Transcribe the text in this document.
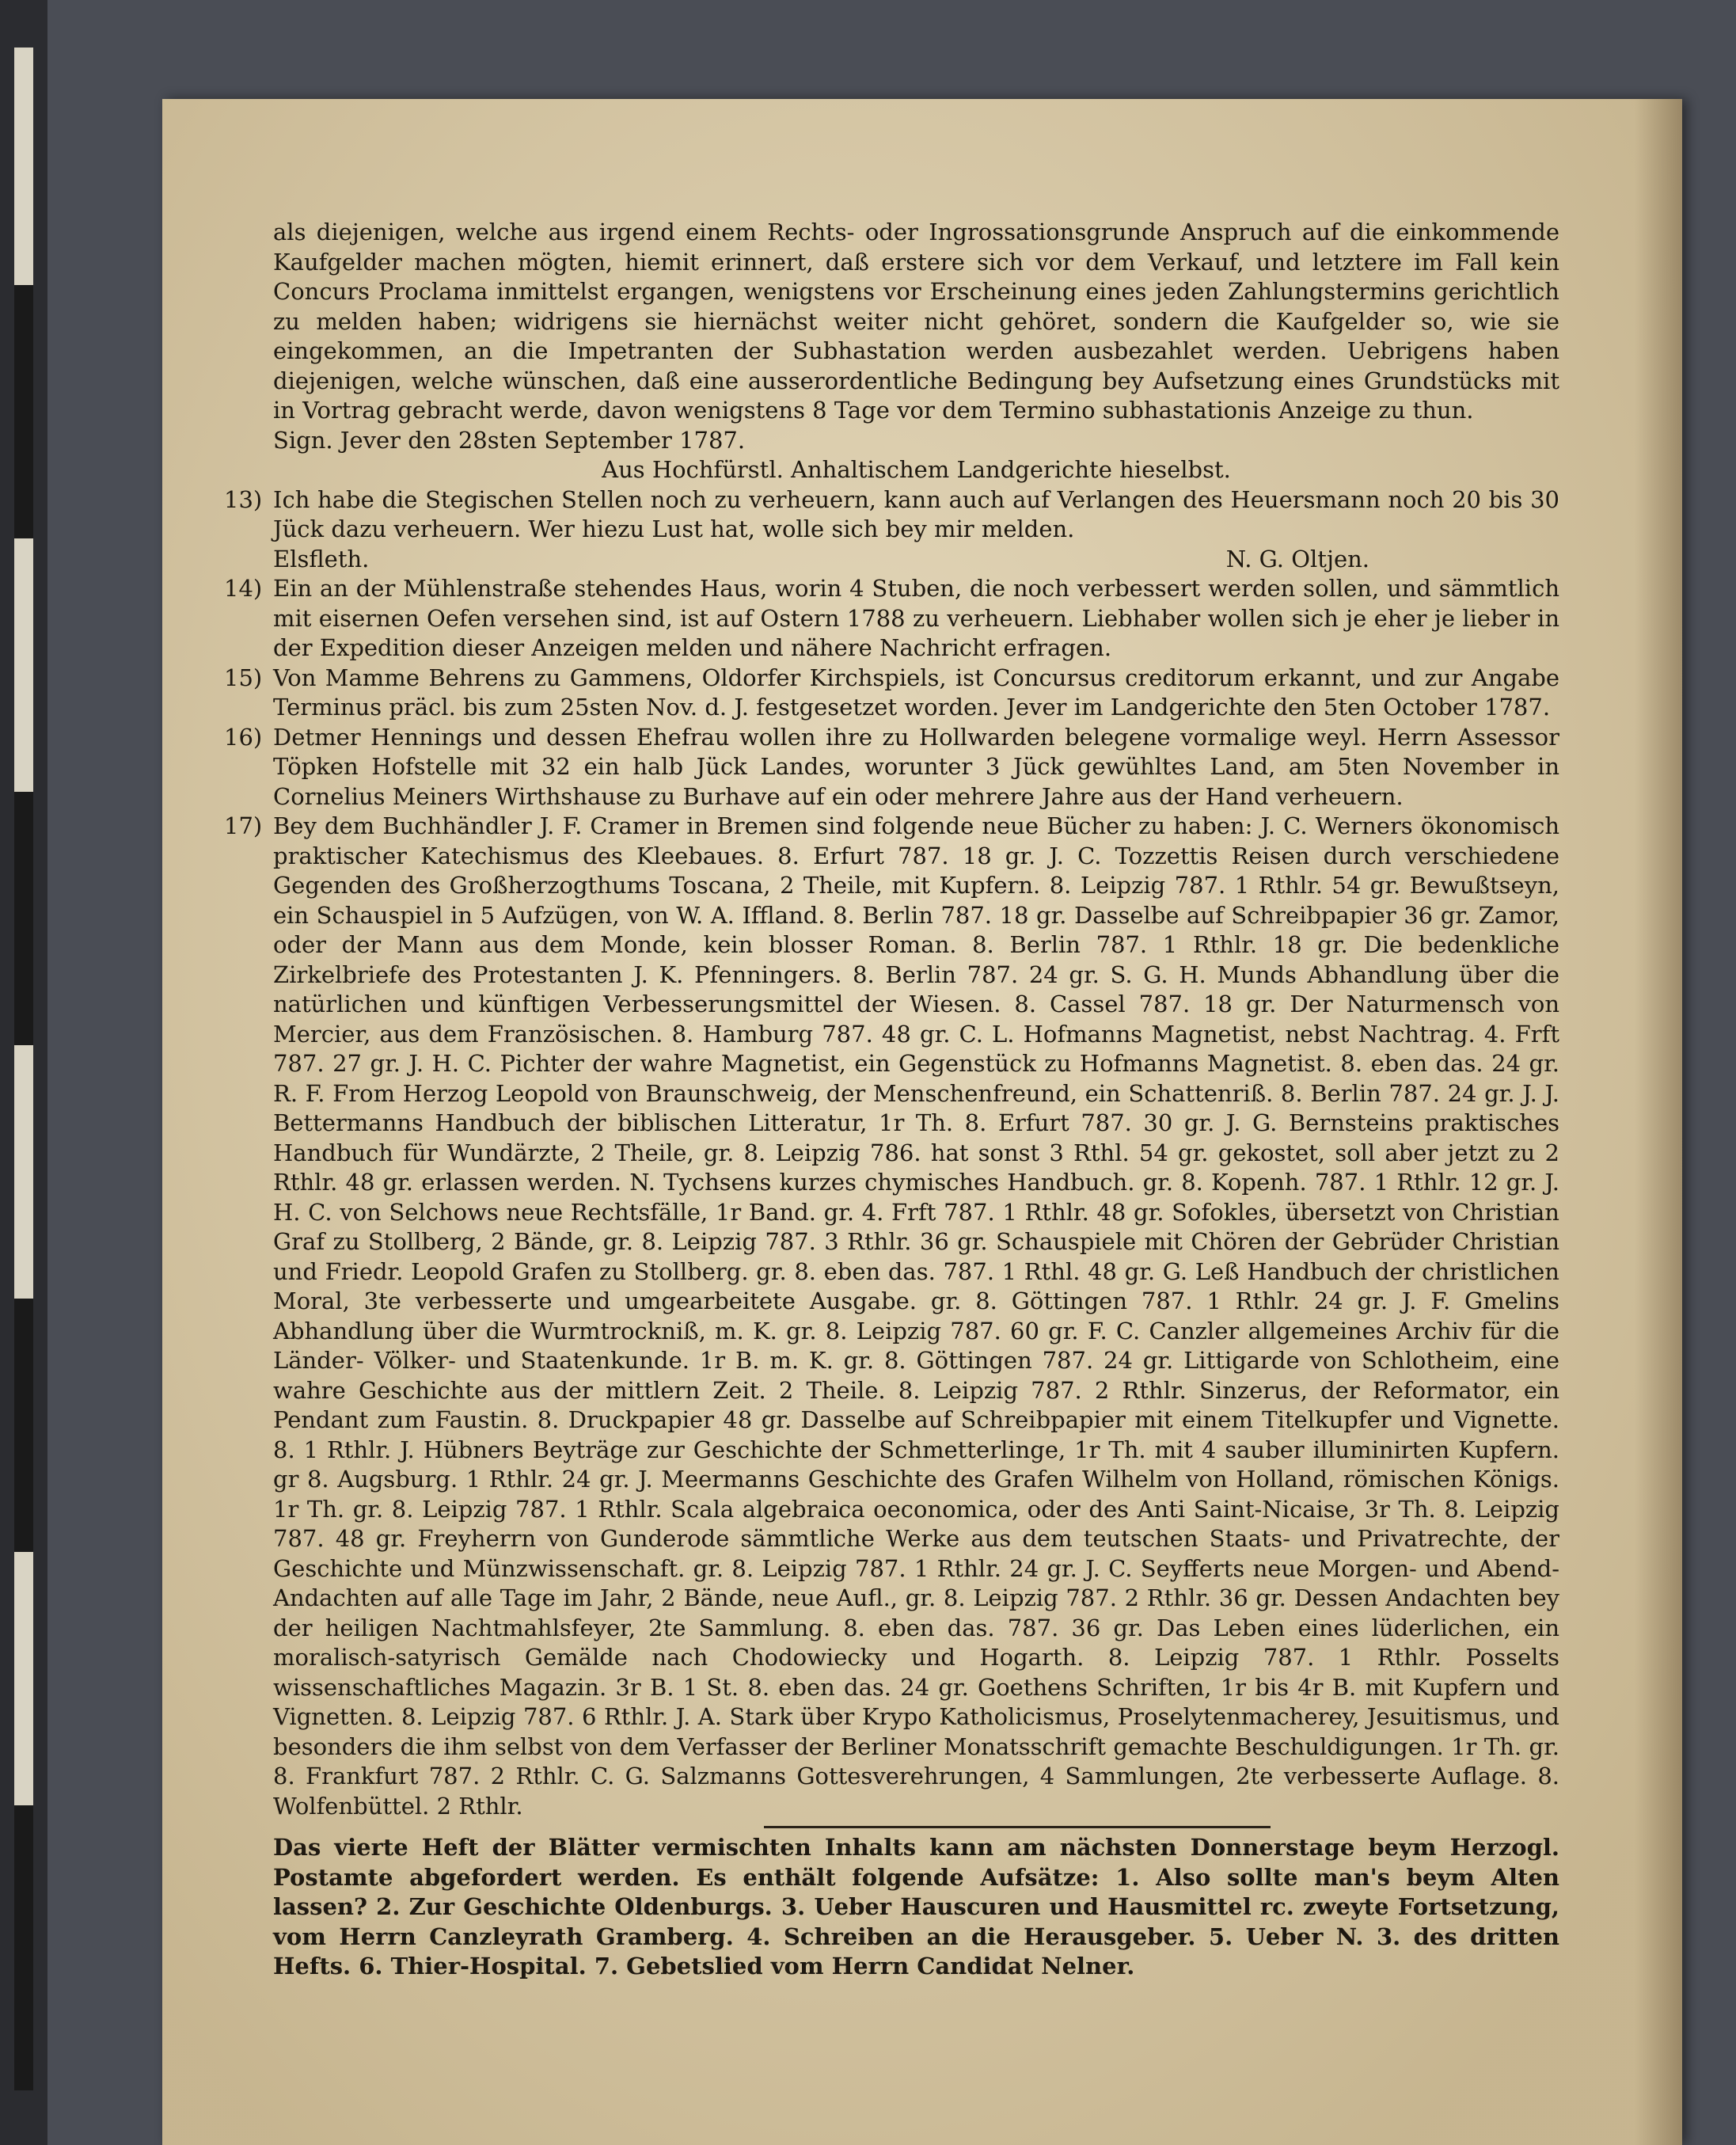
als diejenigen, welche aus irgend einem Rechts- oder Ingrossationsgrunde Anspruch auf die einkommende Kaufgelder machen mögten, hiemit erinnert, daß erstere sich vor dem Verkauf, und letztere im Fall kein Concurs Proclama inmittelst ergangen, wenigstens vor Erscheinung eines jeden Zahlungstermins gerichtlich zu melden haben; widrigens sie hiernächst weiter nicht gehöret, sondern die Kaufgelder so, wie sie eingekommen, an die Impetranten der Subhastation werden ausbezahlet werden. Uebrigens haben diejenigen, welche wünschen, daß eine ausserordentliche Bedingung bey Aufsetzung eines Grundstücks mit in Vortrag gebracht werde, davon wenigstens 8 Tage vor dem Termino subhastationis Anzeige zu thun.

Sign. Jever den 28sten September 1787.

Aus Hochfürstl. Anhaltischem Landgerichte hieselbst.

13) Ich habe die Stegischen Stellen noch zu verheuern, kann auch auf Verlangen des Heuersmann noch 20 bis 30 Jück dazu verheuern. Wer hiezu Lust hat, wolle sich bey mir melden.

Elsfleth.	N. G. Oltjen.
14) Ein an der Mühlenstraße stehendes Haus, worin 4 Stuben, die noch verbessert werden sollen, und sämmtlich mit eisernen Oefen versehen sind, ist auf Ostern 1788 zu verheuern. Liebhaber wollen sich je eher je lieber in der Expedition dieser Anzeigen melden und nähere Nachricht erfragen.

15) Von Mamme Behrens zu Gammens, Oldorfer Kirchspiels, ist Concursus creditorum erkannt, und zur Angabe Terminus präcl. bis zum 25sten Nov. d. J. festgesetzet worden. Jever im Landgerichte den 5ten October 1787.

16) Detmer Hennings und dessen Ehefrau wollen ihre zu Hollwarden belegene vormalige weyl. Herrn Assessor Töpken Hofstelle mit 32 ein halb Jück Landes, worunter 3 Jück gewühltes Land, am 5ten November in Cornelius Meiners Wirthshause zu Burhave auf ein oder mehrere Jahre aus der Hand verheuern.

17) Bey dem Buchhändler J. F. Cramer in Bremen sind folgende neue Bücher zu haben: J. C. Werners ökonomisch praktischer Katechismus des Kleebaues. 8. Erfurt 787. 18 gr. J. C. Tozzettis Reisen durch verschiedene Gegenden des Großherzogthums Toscana, 2 Theile, mit Kupfern. 8. Leipzig 787. 1 Rthlr. 54 gr. Bewußtseyn, ein Schauspiel in 5 Aufzügen, von W. A. Iffland. 8. Berlin 787. 18 gr. Dasselbe auf Schreibpapier 36 gr. Zamor, oder der Mann aus dem Monde, kein blosser Roman. 8. Berlin 787. 1 Rthlr. 18 gr. Die bedenkliche Zirkelbriefe des Protestanten J. K. Pfenningers. 8. Berlin 787. 24 gr. S. G. H. Munds Abhandlung über die natürlichen und künftigen Verbesserungsmittel der Wiesen. 8. Cassel 787. 18 gr. Der Naturmensch von Mercier, aus dem Französischen. 8. Hamburg 787. 48 gr. C. L. Hofmanns Magnetist, nebst Nachtrag. 4. Frft 787. 27 gr. J. H. C. Pichter der wahre Magnetist, ein Gegenstück zu Hofmanns Magnetist. 8. eben das. 24 gr. R. F. From Herzog Leopold von Braunschweig, der Menschenfreund, ein Schattenriß. 8. Berlin 787. 24 gr. J. J. Bettermanns Handbuch der biblischen Litteratur, 1r Th. 8. Erfurt 787. 30 gr. J. G. Bernsteins praktisches Handbuch für Wundärzte, 2 Theile, gr. 8. Leipzig 786. hat sonst 3 Rthl. 54 gr. gekostet, soll aber jetzt zu 2 Rthlr. 48 gr. erlassen werden. N. Tychsens kurzes chymisches Handbuch. gr. 8. Kopenh. 787. 1 Rthlr. 12 gr. J. H. C. von Selchows neue Rechtsfälle, 1r Band. gr. 4. Frft 787. 1 Rthlr. 48 gr. Sofokles, übersetzt von Christian Graf zu Stollberg, 2 Bände, gr. 8. Leipzig 787. 3 Rthlr. 36 gr. Schauspiele mit Chören der Gebrüder Christian und Friedr. Leopold Grafen zu Stollberg. gr. 8. eben das. 787. 1 Rthl. 48 gr. G. Leß Handbuch der christlichen Moral, 3te verbesserte und umgearbeitete Ausgabe. gr. 8. Göttingen 787. 1 Rthlr. 24 gr. J. F. Gmelins Abhandlung über die Wurmtrockniß, m. K. gr. 8. Leipzig 787. 60 gr. F. C. Canzler allgemeines Archiv für die Länder- Völker- und Staatenkunde. 1r B. m. K. gr. 8. Göttingen 787. 24 gr. Littigarde von Schlotheim, eine wahre Geschichte aus der mittlern Zeit. 2 Theile. 8. Leipzig 787. 2 Rthlr. Sinzerus, der Reformator, ein Pendant zum Faustin. 8. Druckpapier 48 gr. Dasselbe auf Schreibpapier mit einem Titelkupfer und Vignette. 8. 1 Rthlr. J. Hübners Beyträge zur Geschichte der Schmetterlinge, 1r Th. mit 4 sauber illuminirten Kupfern. gr 8. Augsburg. 1 Rthlr. 24 gr. J. Meermanns Geschichte des Grafen Wilhelm von Holland, römischen Königs. 1r Th. gr. 8. Leipzig 787. 1 Rthlr. Scala algebraica oeconomica, oder des Anti Saint-Nicaise, 3r Th. 8. Leipzig 787. 48 gr. Freyherrn von Gunderode sämmtliche Werke aus dem teutschen Staats- und Privatrechte, der Geschichte und Münzwissenschaft. gr. 8. Leipzig 787. 1 Rthlr. 24 gr. J. C. Seyfferts neue Morgen- und Abend-Andachten auf alle Tage im Jahr, 2 Bände, neue Aufl., gr. 8. Leipzig 787. 2 Rthlr. 36 gr. Dessen Andachten bey der heiligen Nachtmahlsfeyer, 2te Sammlung. 8. eben das. 787. 36 gr. Das Leben eines lüderlichen, ein moralisch-satyrisch Gemälde nach Chodowiecky und Hogarth. 8. Leipzig 787. 1 Rthlr. Posselts wissenschaftliches Magazin. 3r B. 1 St. 8. eben das. 24 gr. Goethens Schriften, 1r bis 4r B. mit Kupfern und Vignetten. 8. Leipzig 787. 6 Rthlr. J. A. Stark über Krypo Katholicismus, Proselytenmacherey, Jesuitismus, und besonders die ihm selbst von dem Verfasser der Berliner Monatsschrift gemachte Beschuldigungen. 1r Th. gr. 8. Frankfurt 787. 2 Rthlr. C. G. Salzmanns Gottesverehrungen, 4 Sammlungen, 2te verbesserte Auflage. 8. Wolfenbüttel. 2 Rthlr.

Das vierte Heft der Blätter vermischten Inhalts kann am nächsten Donnerstage beym Herzogl. Postamte abgefordert werden. Es enthält folgende Aufsätze: 1. Also sollte man's beym Alten lassen? 2. Zur Geschichte Oldenburgs. 3. Ueber Hauscuren und Hausmittel rc. zweyte Fortsetzung, vom Herrn Canzleyrath Gramberg. 4. Schreiben an die Herausgeber. 5. Ueber N. 3. des dritten Hefts. 6. Thier-Hospital. 7. Gebetslied vom Herrn Candidat Nelner.
